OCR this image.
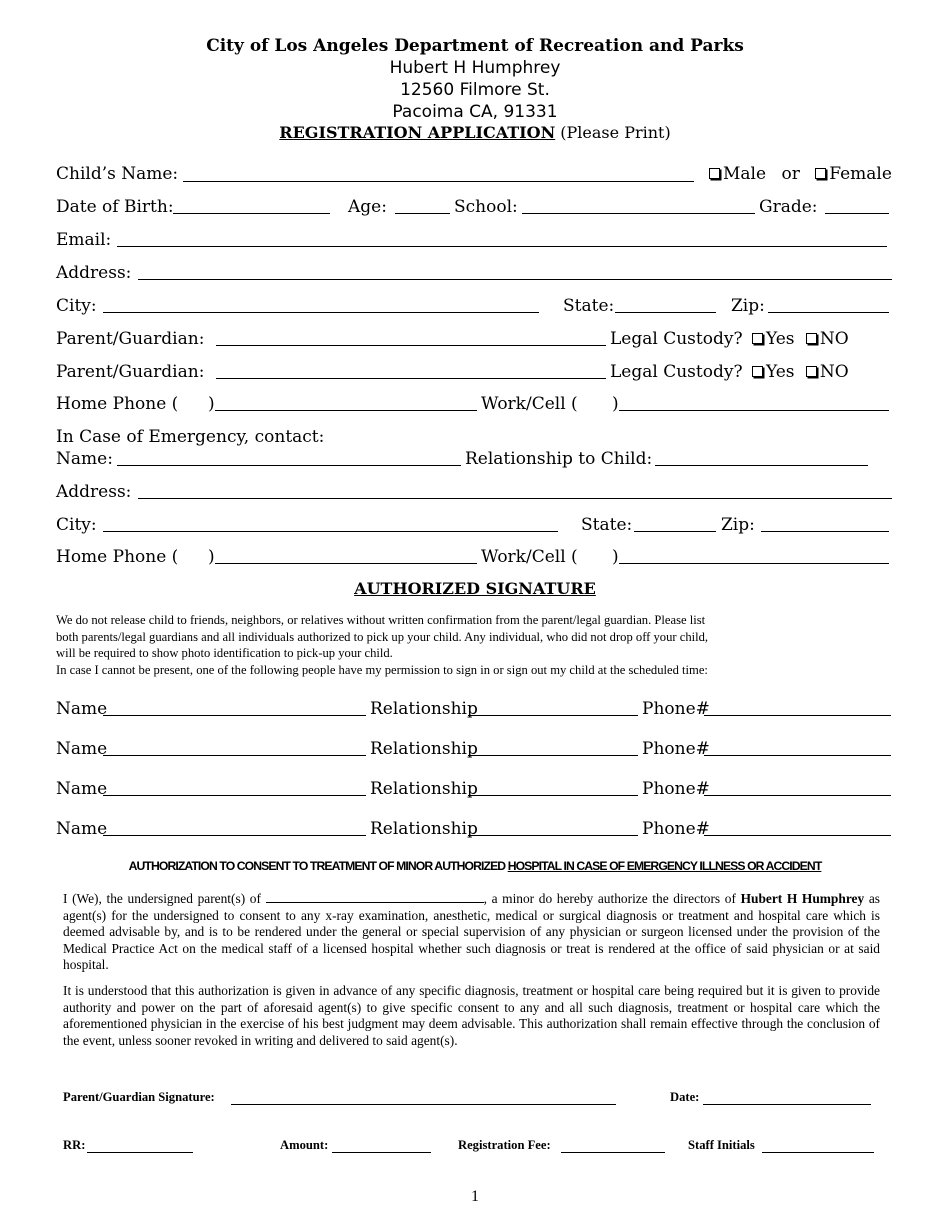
City of Los Angeles Department of Recreation and Parks
Hubert H Humphrey
12560 Filmore St.
Pacoima CA, 91331
REGISTRATION APPLICATION (Please Print)
Child’s Name:	Male or Female
Date of Birth:	Age:	School:	Grade:
Email:
Address:
City:	State:	Zip:
Parent/Guardian:	Legal Custody? Yes NO
Parent/Guardian:	Legal Custody? Yes NO
Home Phone ( )	Work/Cell ( )
In Case of Emergency, contact:
Name:	Relationship to Child:
Address:
City:	State:	Zip:
Home Phone ( )	Work/Cell ( )
AUTHORIZED SIGNATURE
We do not release child to friends, neighbors, or relatives without written confirmation from the parent/legal guardian. Please list
both parents/legal guardians and all individuals authorized to pick up your child. Any individual, who did not drop off your child,
will be required to show photo identification to pick-up your child.
In case I cannot be present, one of the following people have my permission to sign in or sign out my child at the scheduled time:
Name	Relationship	Phone#
Name	Relationship	Phone#
Name	Relationship	Phone#
Name	Relationship	Phone#
AUTHORIZATION TO CONSENT TO TREATMENT OF MINOR AUTHORIZED HOSPITAL IN CASE OF EMERGENCY ILLNESS OR ACCIDENT
I (We), the undersigned parent(s) of	, a minor do hereby authorize the directors of Hubert H Humphrey as agent(s) for the undersigned to consent to any x-ray examination, anesthetic, medical or surgical diagnosis or treatment and hospital care which is deemed advisable by, and is to be rendered under the general or special supervision of any physician or surgeon licensed under the provision of the Medical Practice Act on the medical staff of a licensed hospital whether such diagnosis or treat is rendered at the office of said physician or at said hospital.
It is understood that this authorization is given in advance of any specific diagnosis, treatment or hospital care being required but it is given to provide authority and power on the part of aforesaid agent(s) to give specific consent to any and all such diagnosis, treatment or hospital care which the aforementioned physician in the exercise of his best judgment may deem advisable. This authorization shall remain effective through the conclusion of the event, unless sooner revoked in writing and delivered to said agent(s).
Parent/Guardian Signature:	Date:
RR:	Amount:	Registration Fee:	Staff Initials
1
